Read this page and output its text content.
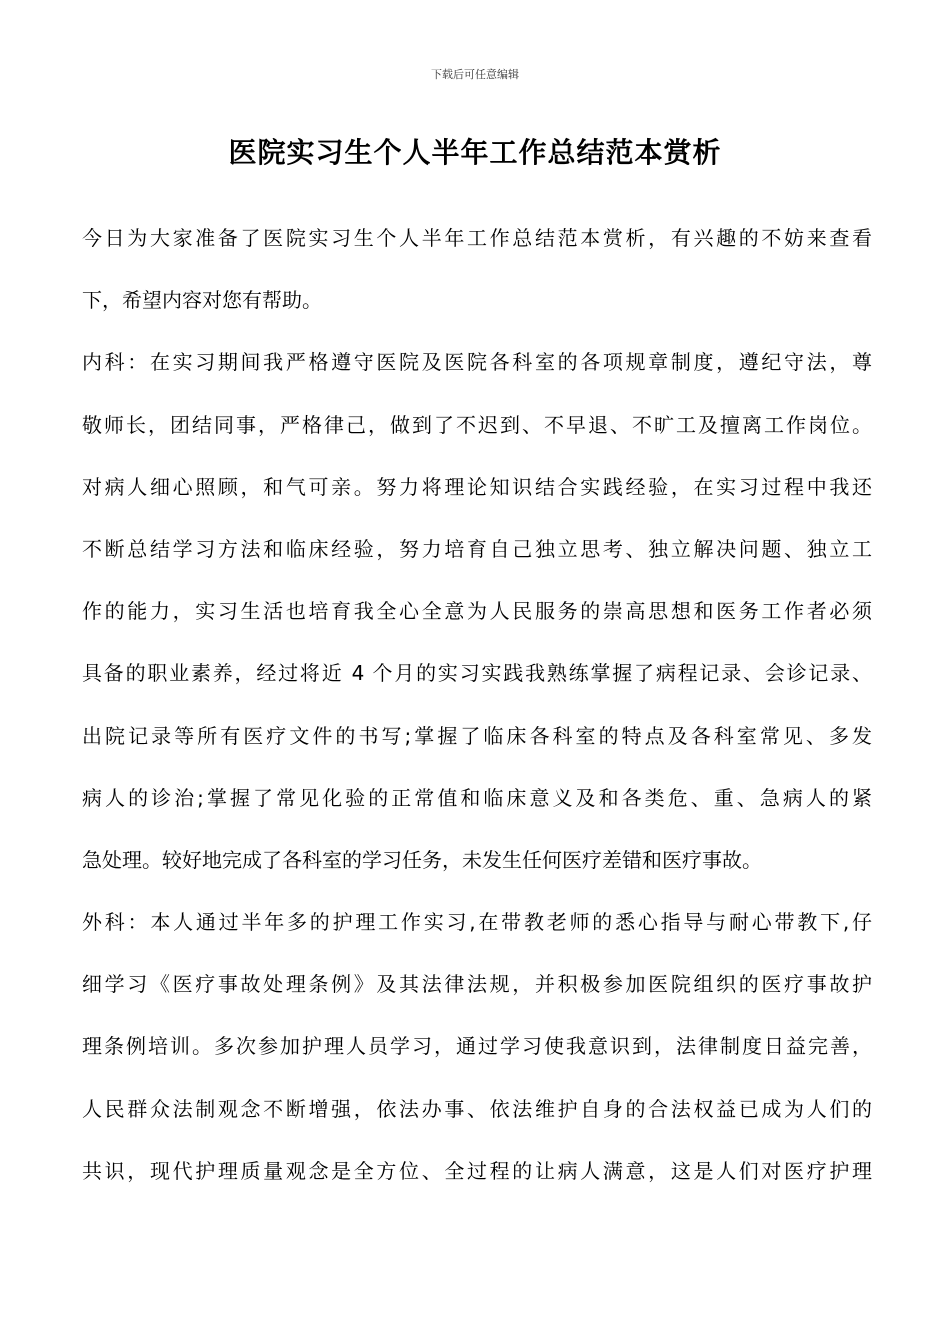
下载后可任意编辑

医院实习生个人半年工作总结范本赏析

今日为大家准备了医院实习生个人半年工作总结范本赏析，有兴趣的不妨来查看

下，希望内容对您有帮助。

内科：在实习期间我严格遵守医院及医院各科室的各项规章制度，遵纪守法，尊

敬师长，团结同事，严格律己，做到了不迟到、不早退、不旷工及擅离工作岗位。

对病人细心照顾，和气可亲。努力将理论知识结合实践经验，在实习过程中我还

不断总结学习方法和临床经验，努力培育自己独立思考、独立解决问题、独立工

作的能力，实习生活也培育我全心全意为人民服务的崇高思想和医务工作者必须

具备的职业素养，经过将近 4 个月的实习实践我熟练掌握了病程记录、会诊记录、

出院记录等所有医疗文件的书写;掌握了临床各科室的特点及各科室常见、多发

病人的诊治;掌握了常见化验的正常值和临床意义及和各类危、重、急病人的紧

急处理。较好地完成了各科室的学习任务，未发生任何医疗差错和医疗事故。

外科：本人通过半年多的护理工作实习,在带教老师的悉心指导与耐心带教下,仔

细学习《医疗事故处理条例》及其法律法规，并积极参加医院组织的医疗事故护

理条例培训。多次参加护理人员学习，通过学习使我意识到，法律制度日益完善，

人民群众法制观念不断增强，依法办事、依法维护自身的合法权益已成为人们的

共识，现代护理质量观念是全方位、全过程的让病人满意，这是人们对医疗护理
